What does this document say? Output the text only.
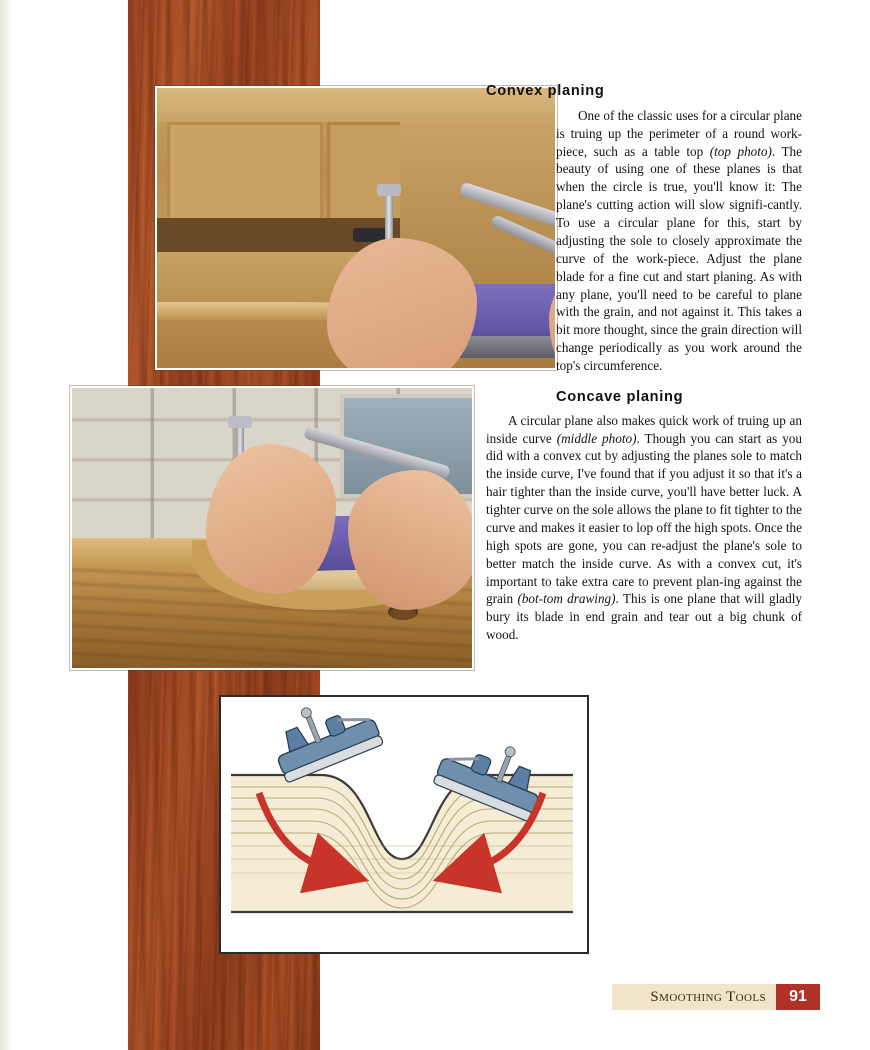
Convex planing

One of the classic uses for a circular plane is truing up the perimeter of a round work-piece, such as a table top (top photo). The beauty of using one of these planes is that when the circle is true, you'll know it: The plane's cutting action will slow signifi-cantly. To use a circular plane for this, start by adjusting the sole to closely approximate the curve of the work-piece. Adjust the plane blade for a fine cut and start planing. As with any plane, you'll need to be careful to plane with the grain, and not against it. This takes a bit more thought, since the grain direction will change periodically as you work around the top's circumference.

Concave planing

A circular plane also makes quick work of truing up an inside curve (middle photo). Though you can start as you did with a convex cut by adjusting the planes sole to match the inside curve, I've found that if you adjust it so that it's a hair tighter than the inside curve, you'll have better luck. A tighter curve on the sole allows the plane to fit tighter to the curve and makes it easier to lop off the high spots. Once the high spots are gone, you can re-adjust the plane's sole to better match the inside curve. As with a convex cut, it's important to take extra care to prevent plan-ing against the grain (bot-tom drawing). This is one plane that will gladly bury its blade in end grain and tear out a big chunk of wood.

Smoothing Tools	91
